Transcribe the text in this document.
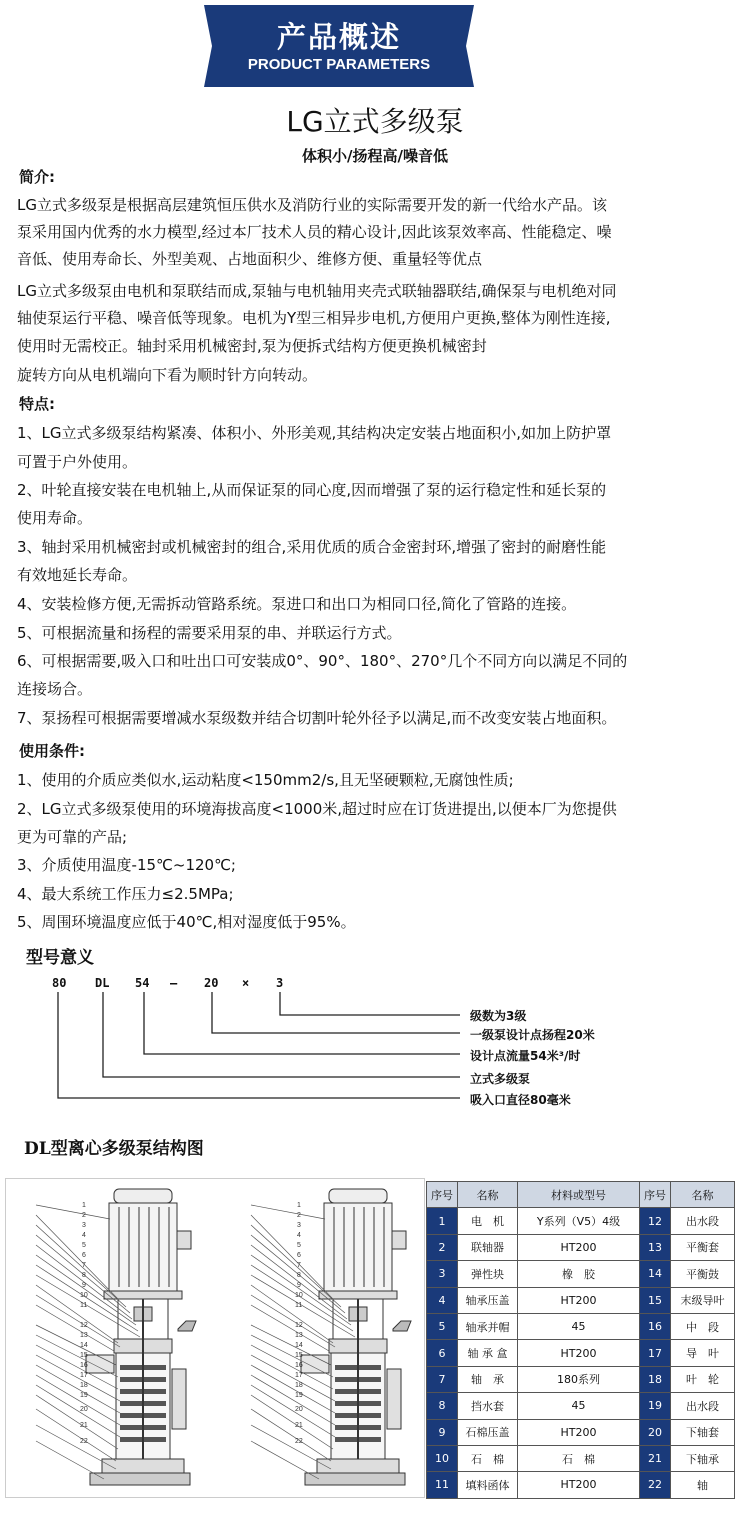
产品概述
PRODUCT PARAMETERS
LG立式多级泵
体积小/扬程高/噪音低
简介:
LG立式多级泵是根据高层建筑恒压供水及消防行业的实际需要开发的新一代给水产品。该
泵采用国内优秀的水力模型,经过本厂技术人员的精心设计,因此该泵效率高、性能稳定、噪
音低、使用寿命长、外型美观、占地面积少、维修方便、重量轻等优点
LG立式多级泵由电机和泵联结而成,泵轴与电机轴用夹壳式联轴器联结,确保泵与电机绝对同
轴使泵运行平稳、噪音低等现象。电机为Y型三相异步电机,方便用户更换,整体为刚性连接,
使用时无需校正。轴封采用机械密封,泵为便拆式结构方便更换机械密封
旋转方向从电机端向下看为顺时针方向转动。
特点:
1、LG立式多级泵结构紧凑、体积小、外形美观,其结构决定安装占地面积小,如加上防护罩
可置于户外使用。
2、叶轮直接安装在电机轴上,从而保证泵的同心度,因而增强了泵的运行稳定性和延长泵的
使用寿命。
3、轴封采用机械密封或机械密封的组合,采用优质的质合金密封环,增强了密封的耐磨性能
有效地延长寿命。
4、安装检修方便,无需拆动管路系统。泵进口和出口为相同口径,简化了管路的连接。
5、可根据流量和扬程的需要采用泵的串、并联运行方式。
6、可根据需要,吸入口和吐出口可安装成0°、90°、180°、270°几个不同方向以满足不同的
连接场合。
7、泵扬程可根据需要增减水泵级数并结合切割叶轮外径予以满足,而不改变安装占地面积。
使用条件:
1、使用的介质应类似水,运动粘度<150mm2/s,且无坚硬颗粒,无腐蚀性质;
2、LG立式多级泵使用的环境海拔高度<1000米,超过时应在订货进提出,以便本厂为您提供
更为可靠的产品;
3、介质使用温度-15℃~120℃;
4、最大系统工作压力≤2.5MPa;
5、周围环境温度应低于40℃,相对湿度低于95%。
型号意义
80 DL 54 — 20 × 3
级数为3级
一级泵设计点扬程20米
设计点流量54米³/时
立式多级泵
吸入口直径80毫米
DL型离心多级泵结构图
1
2
3
4
5
6
7
8
9
10
11
12
13
14
15
16
17
18
19
20
21
22
1
2
3
4
5
6
7
8
9
10
11
12
13
14
15
16
17
18
19
20
21
22
序号	名称	材料或型号	序号	名称
1	电　机	Y系列（V5）4级	12	出水段
2	联轴器	HT200	13	平衡套
3	弹性块	橡　胶	14	平衡鼓
4	轴承压盖	HT200	15	末级导叶
5	轴承并帽	45	16	中　段
6	轴 承 盒	HT200	17	导　叶
7	轴　承	180系列	18	叶　轮
8	挡水套	45	19	出水段
9	石棉压盖	HT200	20	下轴套
10	石　棉	石　棉	21	下轴承
11	填料函体	HT200	22	轴
